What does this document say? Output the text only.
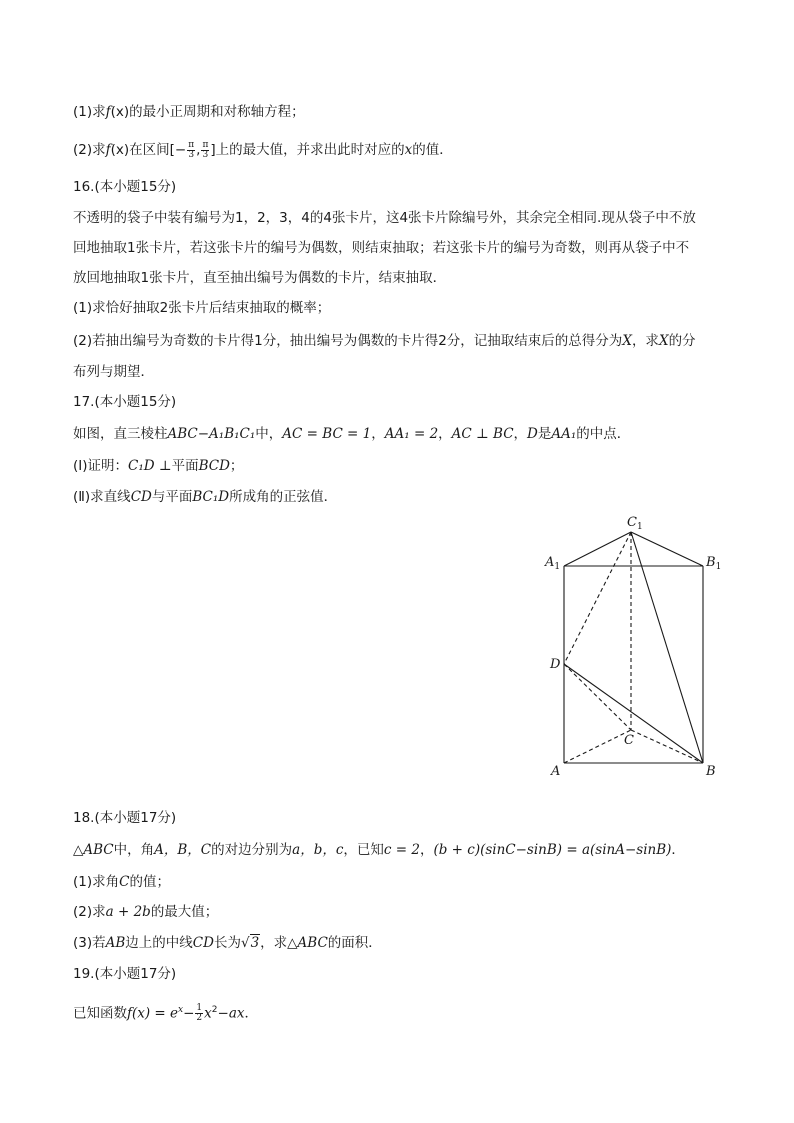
(1)求f(x)的最小正周期和对称轴方程；
(2)求f(x)在区间[− $\frac{\pi}{3}$ , $\frac{\pi}{3}$ ]上的最大值，并求出此时对应的x的值．
16.(本小题15分)
不透明的袋子中装有编号为1，2，3，4的4张卡片，这4张卡片除编号外，其余完全相同.现从袋子中不放
回地抽取1张卡片，若这张卡片的编号为偶数，则结束抽取；若这张卡片的编号为奇数，则再从袋子中不
放回地抽取1张卡片，直至抽出编号为偶数的卡片，结束抽取．
(1)求恰好抽取2张卡片后结束抽取的概率；
(2)若抽出编号为奇数的卡片得1分，抽出编号为偶数的卡片得2分，记抽取结束后的总得分为X，求X的分
布列与期望．
17.(本小题15分)
如图，直三棱柱ABC−A₁B₁C₁中，AC = BC = 1，AA₁ = 2，AC ⊥ BC，D是AA₁的中点．
(Ⅰ)证明：C₁D ⊥平面BCD；
(Ⅱ)求直线CD与平面BC₁D所成角的正弦值．
$C_1$
$A_1$	$B_1$
D
C
A	B
18.(本小题17分)
△ABC中，角A，B，C的对边分别为a，b，c，已知c = 2，(b + c)(sinC−sinB) = a(sinA−sinB)．
(1)求角C的值；
(2)求a + 2b的最大值；
(3)若AB边上的中线CD长为√3，求△ABC的面积．
19.(本小题17分)
已知函数$f(x) = e^x- \frac{1}{2} x^2-ax$．
